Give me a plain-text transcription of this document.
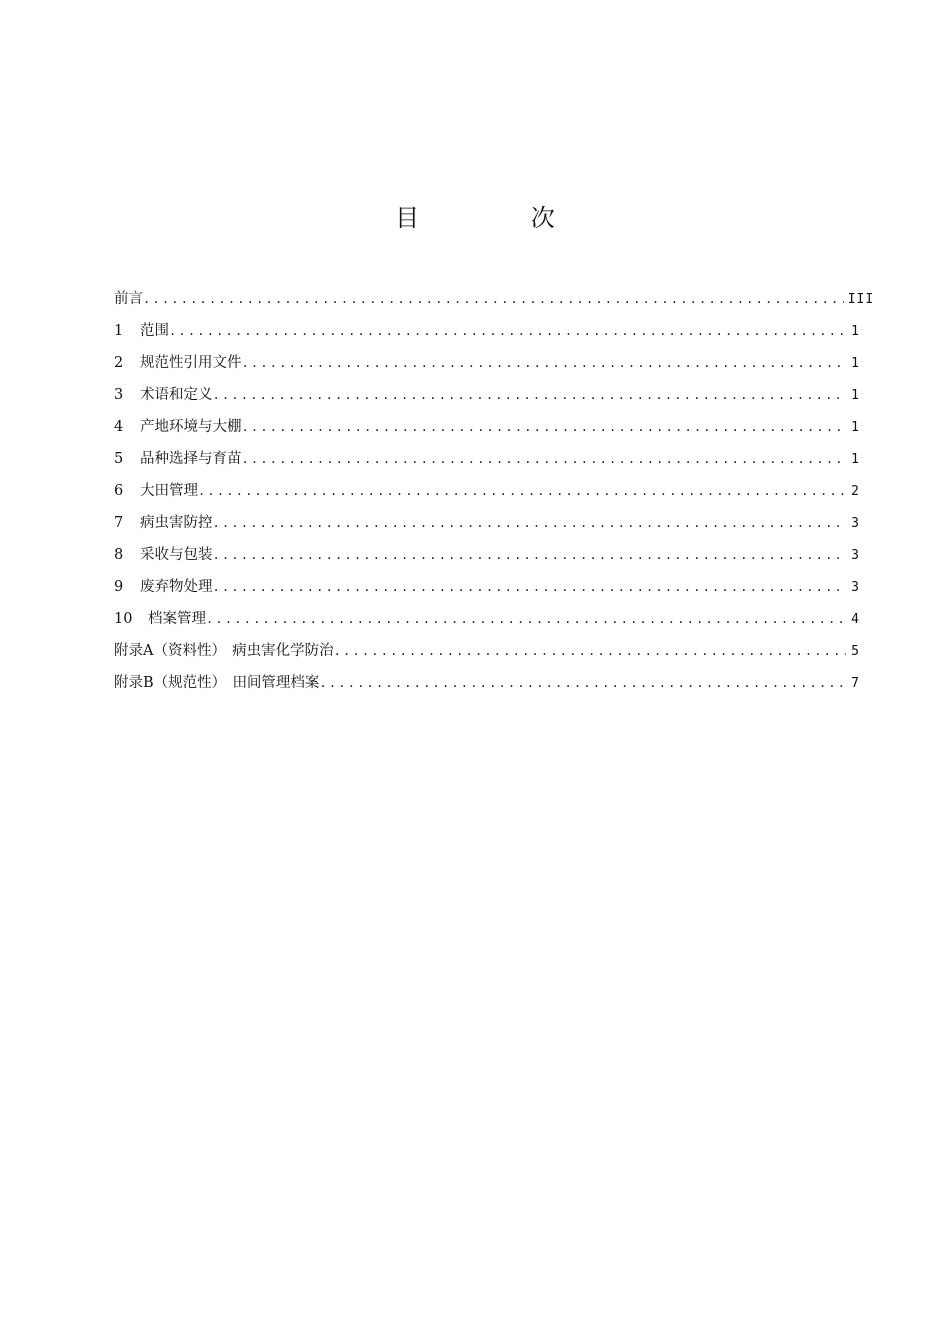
目 次
前言 .....	III
1	范围 .....	1
2	规范性引用文件 .....	1
3	术语和定义 .....	1
4	产地环境与大棚 .....	1
5	品种选择与育苗 .....	1
6	大田管理 .....	2
7	病虫害防控 .....	3
8	采收与包装 .....	3
9	废弃物处理 .....	3
10	档案管理 .....	4
附录A（资料性） 病虫害化学防治 .....	5
附录B（规范性） 田间管理档案 .....	7
